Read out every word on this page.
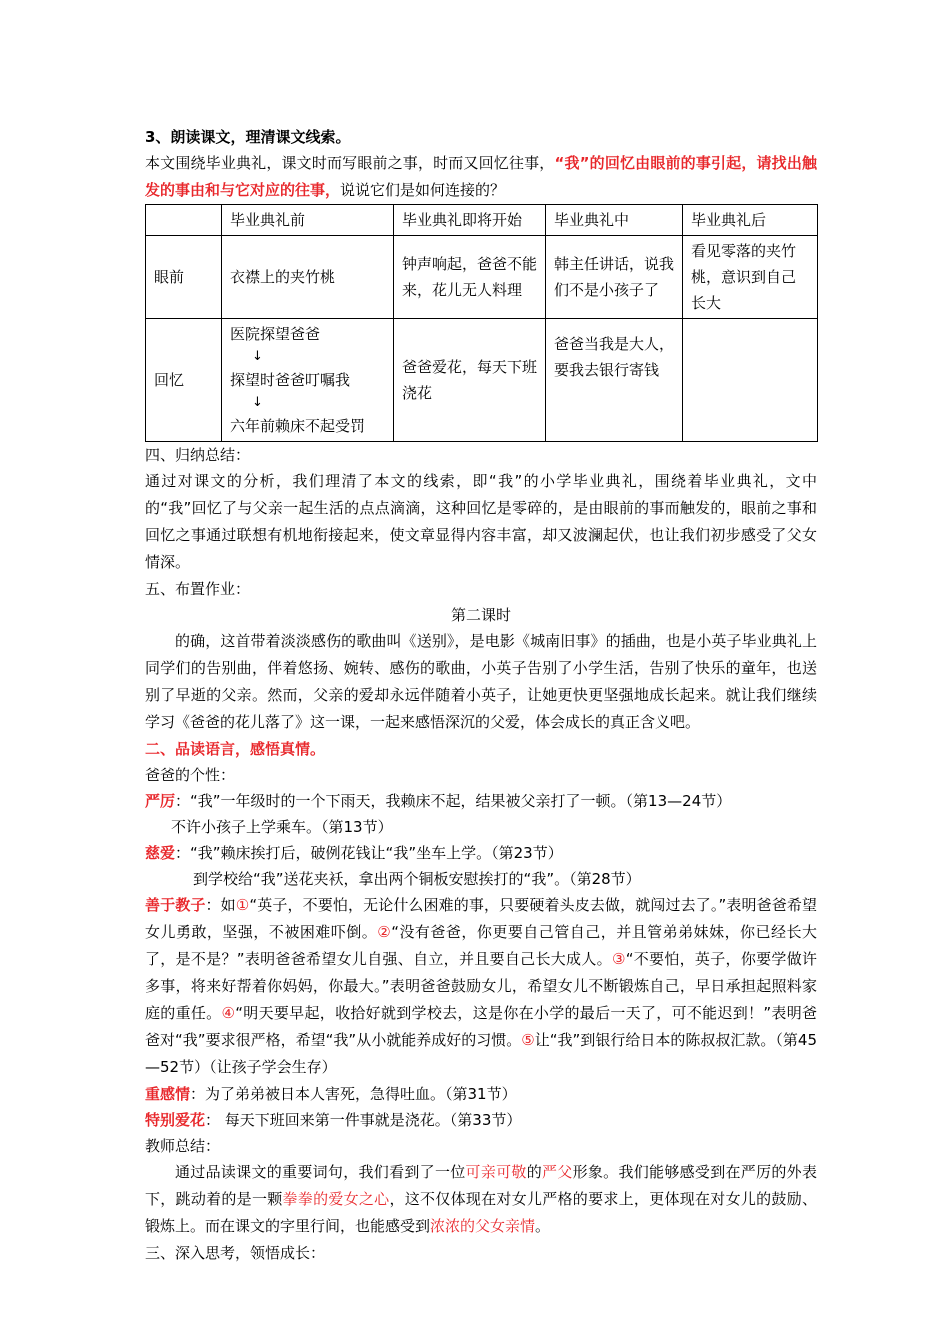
3、朗读课文，理清课文线索。
本文围绕毕业典礼，课文时而写眼前之事，时而又回忆往事，“我”的回忆由眼前的事引起，请找出触发的事由和与它对应的往事，说说它们是如何连接的？
	毕业典礼前	毕业典礼即将开始	毕业典礼中	毕业典礼后
眼前	衣襟上的夹竹桃	钟声响起，爸爸不能来，花儿无人料理	韩主任讲话，说我们不是小孩子了	看见零落的夹竹桃，意识到自己长大
回忆	医院探望爸爸
↓
探望时爸爸叮嘱我
↓
六年前赖床不起受罚	爸爸爱花，每天下班浇花	爸爸当我是大人，要我去银行寄钱	
四、归纳总结：
通过对课文的分析，我们理清了本文的线索，即“我”的小学毕业典礼，围绕着毕业典礼，文中的“我”回忆了与父亲一起生活的点点滴滴，这种回忆是零碎的，是由眼前的事而触发的，眼前之事和回忆之事通过联想有机地衔接起来，使文章显得内容丰富，却又波澜起伏，也让我们初步感受了父女情深。
五、布置作业：
第二课时
的确，这首带着淡淡感伤的歌曲叫《送别》，是电影《城南旧事》的插曲，也是小英子毕业典礼上同学们的告别曲，伴着悠扬、婉转、感伤的歌曲，小英子告别了小学生活，告别了快乐的童年，也送别了早逝的父亲。然而，父亲的爱却永远伴随着小英子，让她更快更坚强地成长起来。就让我们继续学习《爸爸的花儿落了》这一课，一起来感悟深沉的父爱，体会成长的真正含义吧。
二、品读语言，感悟真情。
爸爸的个性：
严厉：“我”一年级时的一个下雨天，我赖床不起，结果被父亲打了一顿。（第13—24节）
不许小孩子上学乘车。（第13节）
慈爱：“我”赖床挨打后，破例花钱让“我”坐车上学。（第23节）
到学校给“我”送花夹袄，拿出两个铜板安慰挨打的“我”。（第28节）
善于教子：如①“英子，不要怕，无论什么困难的事，只要硬着头皮去做，就闯过去了。”表明爸爸希望女儿勇敢，坚强，不被困难吓倒。②“没有爸爸，你更要自己管自己，并且管弟弟妹妹，你已经长大了，是不是？”表明爸爸希望女儿自强、自立，并且要自己长大成人。③“不要怕，英子，你要学做许多事，将来好帮着你妈妈，你最大。”表明爸爸鼓励女儿，希望女儿不断锻炼自己，早日承担起照料家庭的重任。④“明天要早起，收拾好就到学校去，这是你在小学的最后一天了，可不能迟到！”表明爸爸对“我”要求很严格，希望“我”从小就能养成好的习惯。⑤让“我”到银行给日本的陈叔叔汇款。（第45—52节）（让孩子学会生存）
重感情：为了弟弟被日本人害死，急得吐血。（第31节）
特别爱花： 每天下班回来第一件事就是浇花。（第33节）
教师总结：
通过品读课文的重要词句，我们看到了一位可亲可敬的严父形象。我们能够感受到在严厉的外表下，跳动着的是一颗拳拳的爱女之心，这不仅体现在对女儿严格的要求上，更体现在对女儿的鼓励、锻炼上。而在课文的字里行间，也能感受到浓浓的父女亲情。
三、深入思考，领悟成长：
